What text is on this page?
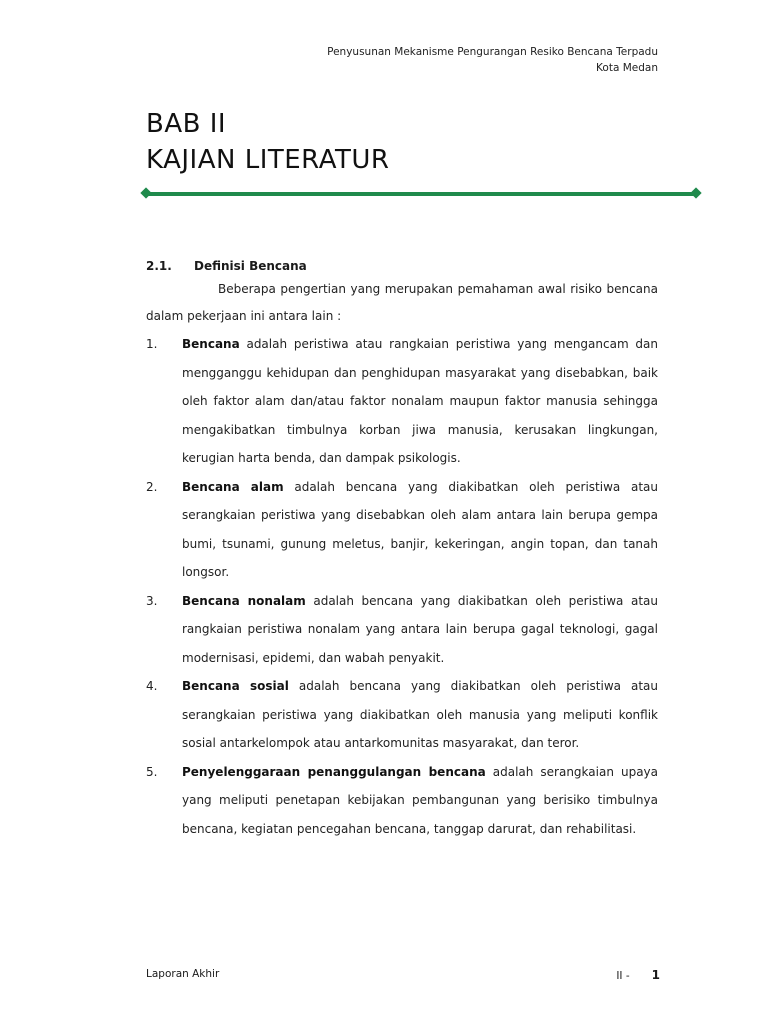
Penyusunan Mekanisme Pengurangan Resiko Bencana Terpadu
Kota Medan
BAB II
KAJIAN LITERATUR
2.1. Definisi Bencana

Beberapa pengertian yang merupakan pemahaman awal risiko bencana dalam pekerjaan ini antara lain :

1. Bencana adalah peristiwa atau rangkaian peristiwa yang mengancam dan mengganggu kehidupan dan penghidupan masyarakat yang disebabkan, baik oleh faktor alam dan/atau faktor nonalam maupun faktor manusia sehingga mengakibatkan timbulnya korban jiwa manusia, kerusakan lingkungan, kerugian harta benda, dan dampak psikologis.
2. Bencana alam adalah bencana yang diakibatkan oleh peristiwa atau serangkaian peristiwa yang disebabkan oleh alam antara lain berupa gempa bumi, tsunami, gunung meletus, banjir, kekeringan, angin topan, dan tanah longsor.
3. Bencana nonalam adalah bencana yang diakibatkan oleh peristiwa atau rangkaian peristiwa nonalam yang antara lain berupa gagal teknologi, gagal modernisasi, epidemi, dan wabah penyakit.
4. Bencana sosial adalah bencana yang diakibatkan oleh peristiwa atau serangkaian peristiwa yang diakibatkan oleh manusia yang meliputi konflik sosial antarkelompok atau antarkomunitas masyarakat, dan teror.
5. Penyelenggaraan penanggulangan bencana adalah serangkaian upaya yang meliputi penetapan kebijakan pembangunan yang berisiko timbulnya bencana, kegiatan pencegahan bencana, tanggap darurat, dan rehabilitasi.
Laporan Akhir	II - 1
